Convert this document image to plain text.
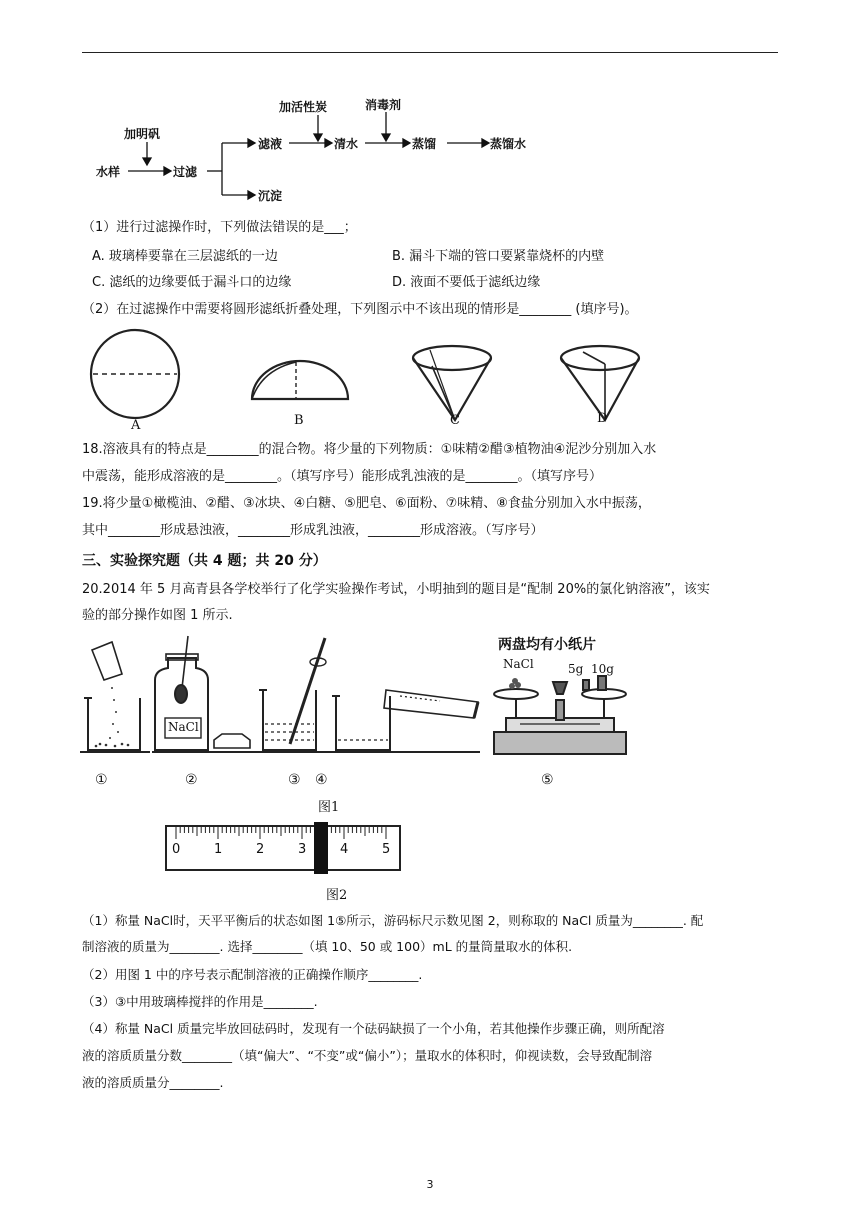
加明矾
水样	过滤
滤液
沉淀
加活性炭
清水
消毒剂
蒸馏	蒸馏水
（1）进行过滤操作时，下列做法错误的是___；
A. 玻璃棒要靠在三层滤纸的一边	B. 漏斗下端的管口要紧靠烧杯的内壁
C. 滤纸的边缘要低于漏斗口的边缘	D. 液面不要低于滤纸边缘
（2）在过滤操作中需要将圆形滤纸折叠处理，下列图示中不该出现的情形是________ (填序号)。
A	B	C	D
18.溶液具有的特点是________的混合物。将少量的下列物质：①味精②醋③植物油④泥沙分别加入水
中震荡，能形成溶液的是________。（填写序号）能形成乳浊液的是________。（填写序号）
19.将少量①橄榄油、②醋、③冰块、④白糖、⑤肥皂、⑥面粉、⑦味精、⑧食盐分别加入水中振荡，
其中________形成悬浊液，________形成乳浊液，________形成溶液。（写序号）
三、实验探究题（共 4 题；共 20 分）
20.2014 年 5 月高青县各学校举行了化学实验操作考试，小明抽到的题目是“配制 20%的氯化钠溶液”，该实
验的部分操作如图 1 所示.
两盘均有小纸片
NaCl	5g  10g
NaCl
①	②	③ ④	⑤
图1
0	1	2	3	4	5
图2
（1）称量 NaCl时，天平平衡后的状态如图 1⑤所示，游码标尺示数见图 2，则称取的 NaCl 质量为________. 配
制溶液的质量为________. 选择________（填 10、50 或 100）mL 的量筒量取水的体积.
（2）用图 1 中的序号表示配制溶液的正确操作顺序________.
（3）③中用玻璃棒搅拌的作用是________.
（4）称量 NaCl 质量完毕放回砝码时，发现有一个砝码缺损了一个小角，若其他操作步骤正确，则所配溶
液的溶质质量分数________（填“偏大”、“不变”或“偏小”）；量取水的体积时，仰视读数，会导致配制溶
液的溶质质量分________.
3
